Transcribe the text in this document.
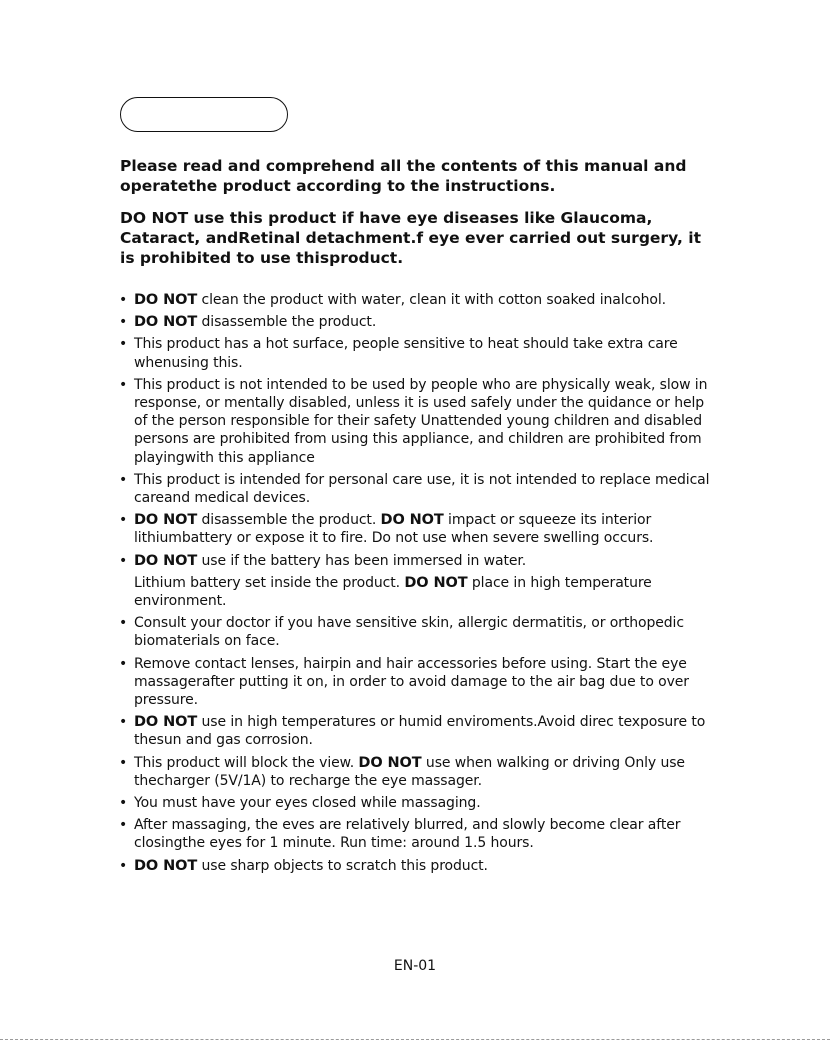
Please read and comprehend all the contents of this manual and operatethe product according to the instructions.

DO NOT use this product if have eye diseases like Glaucoma, Cataract, andRetinal detachment.f eye ever carried out surgery, it is prohibited to use thisproduct.

• DO NOT clean the product with water, clean it with cotton soaked inalcohol.
• DO NOT disassemble the product.
• This product has a hot surface, people sensitive to heat should take extra care whenusing this.
• This product is not intended to be used by people who are physically weak, slow in response, or mentally disabled, unless it is used safely under the quidance or help of the person responsible for their safety Unattended young children and disabled persons are prohibited from using this appliance, and children are prohibited from playingwith this appliance
• This product is intended for personal care use, it is not intended to replace medical careand medical devices.
• DO NOT disassemble the product. DO NOT impact or squeeze its interior lithiumbattery or expose it to fire. Do not use when severe swelling occurs.
• DO NOT use if the battery has been immersed in water.
Lithium battery set inside the product. DO NOT place in high temperature environment.
• Consult your doctor if you have sensitive skin, allergic dermatitis, or orthopedic biomaterials on face.
• Remove contact lenses, hairpin and hair accessories before using. Start the eye massagerafter putting it on, in order to avoid damage to the air bag due to over pressure.
• DO NOT use in high temperatures or humid enviroments.Avoid direc texposure to thesun and gas corrosion.
• This product will block the view. DO NOT use when walking or driving Only use thecharger (5V/1A) to recharge the eye massager.
• You must have your eyes closed while massaging.
• After massaging, the eves are relatively blurred, and slowly become clear after closingthe eyes for 1 minute. Run time: around 1.5 hours.
• DO NOT use sharp objects to scratch this product.
EN-01
